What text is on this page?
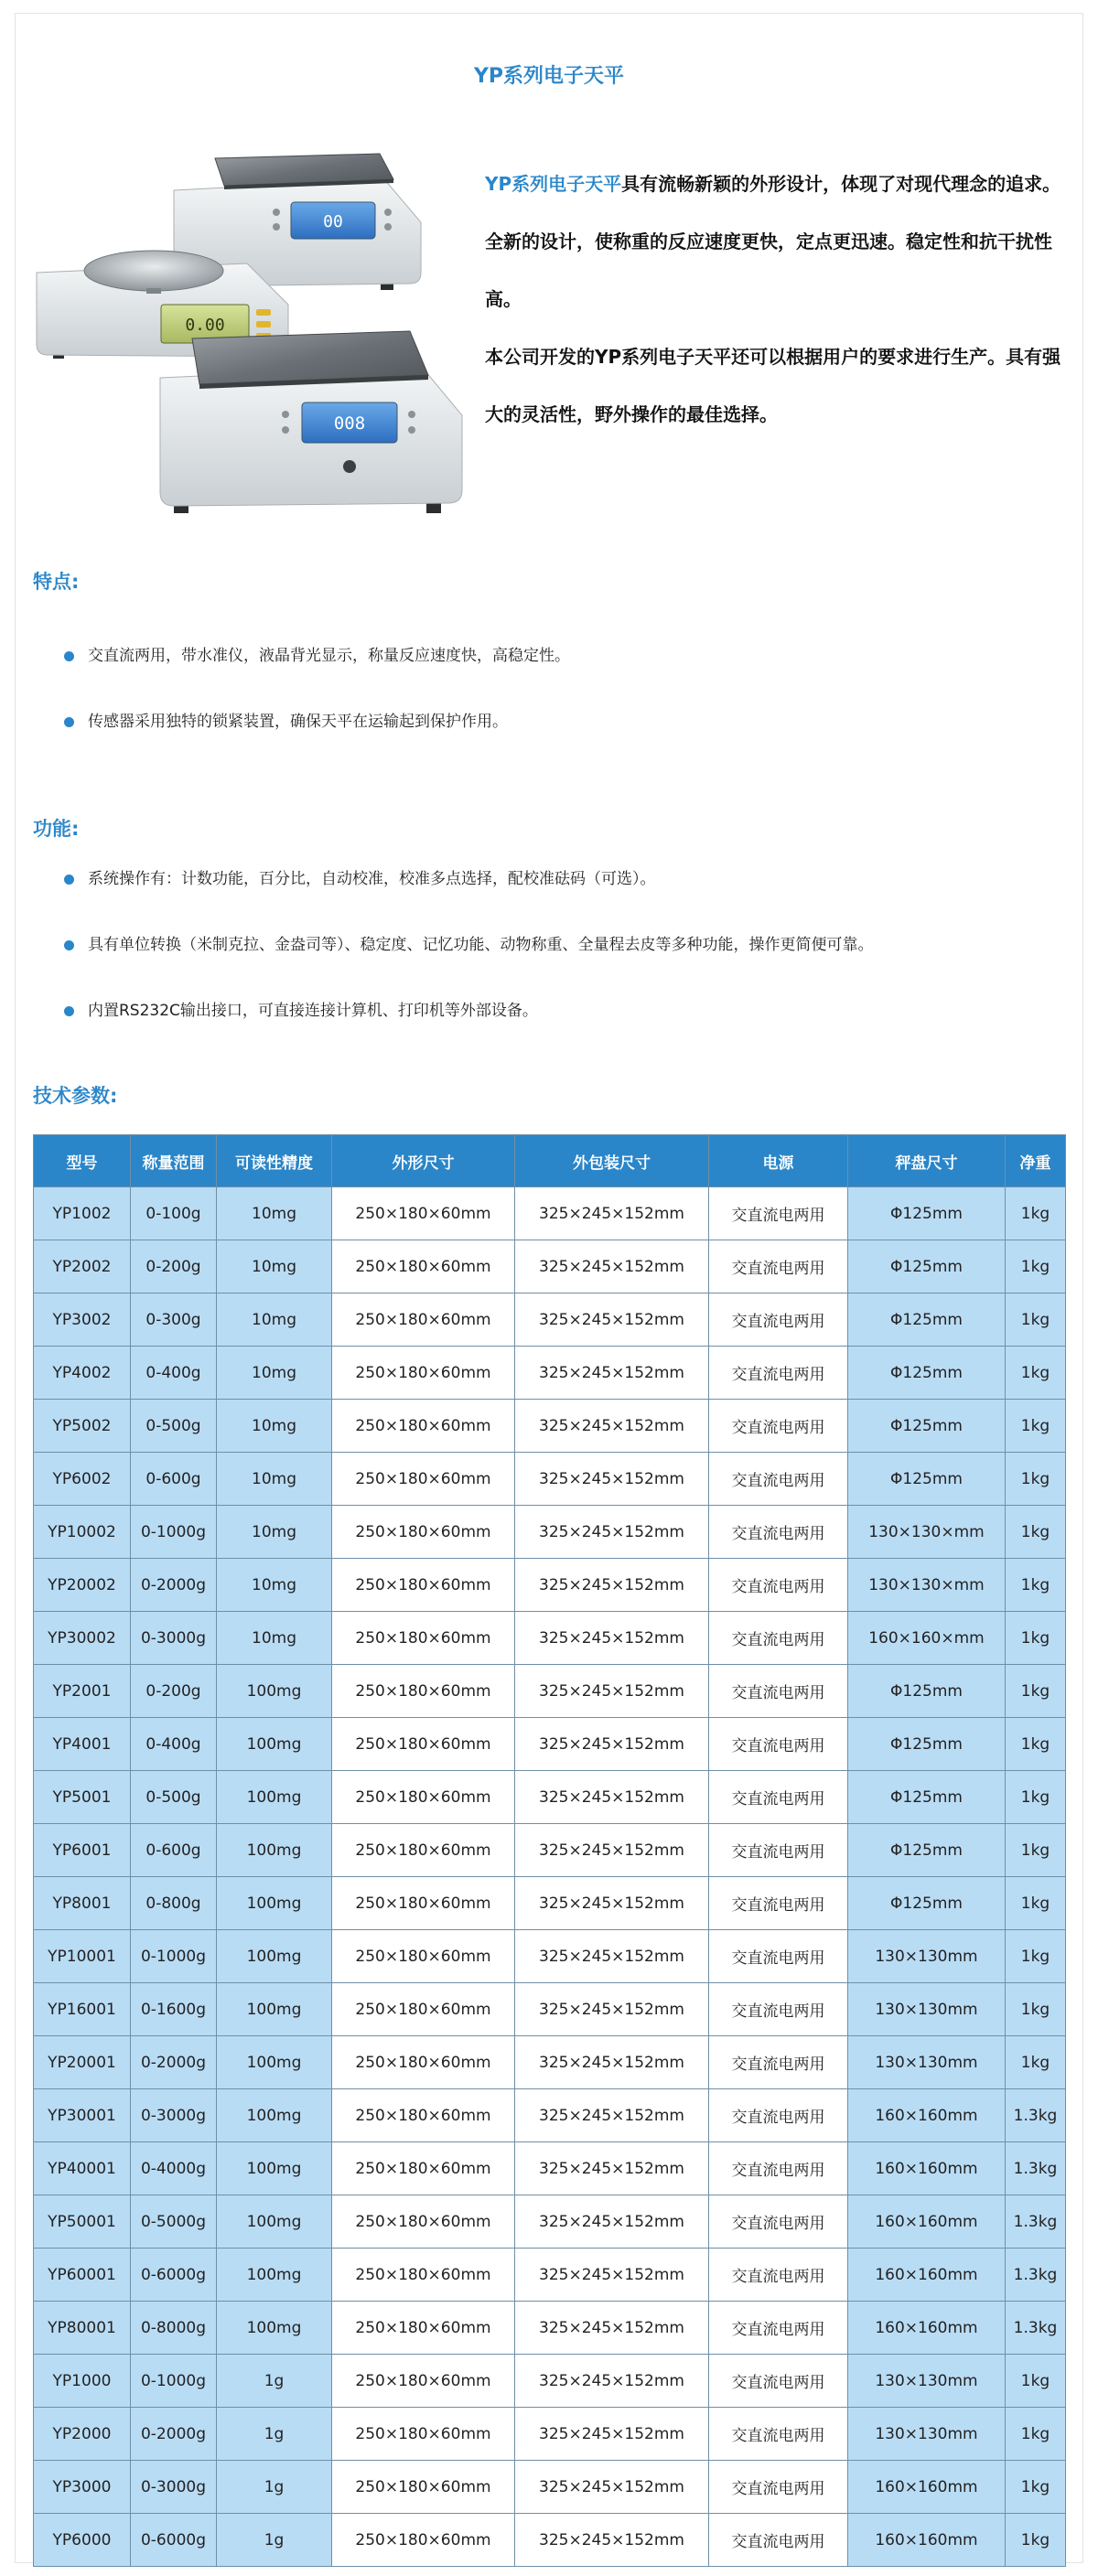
YP系列电子天平
00
0.00
008

YP系列电子天平具有流畅新颖的外形设计，体现了对现代理念的追求。全新的设计，使称重的反应速度更快，定点更迅速。稳定性和抗干扰性高。

本公司开发的YP系列电子天平还可以根据用户的要求进行生产。具有强大的灵活性，野外操作的最佳选择。

特点:
交直流两用，带水准仪，液晶背光显示，称量反应速度快，高稳定性。
传感器采用独特的锁紧装置，确保天平在运输起到保护作用。
功能:
系统操作有：计数功能，百分比，自动校准，校准多点选择，配校准砝码（可选）。
具有单位转换（米制克拉、金盎司等）、稳定度、记忆功能、动物称重、全量程去皮等多种功能，操作更简便可靠。
内置RS232C输出接口，可直接连接计算机、打印机等外部设备。
技术参数:
型号	称量范围	可读性精度	外形尺寸	外包装尺寸	电源	秤盘尺寸	净重
YP1002	0-100g	10mg	250×180×60mm	325×245×152mm	交直流电两用	Φ125mm	1kg
YP2002	0-200g	10mg	250×180×60mm	325×245×152mm	交直流电两用	Φ125mm	1kg
YP3002	0-300g	10mg	250×180×60mm	325×245×152mm	交直流电两用	Φ125mm	1kg
YP4002	0-400g	10mg	250×180×60mm	325×245×152mm	交直流电两用	Φ125mm	1kg
YP5002	0-500g	10mg	250×180×60mm	325×245×152mm	交直流电两用	Φ125mm	1kg
YP6002	0-600g	10mg	250×180×60mm	325×245×152mm	交直流电两用	Φ125mm	1kg
YP10002	0-1000g	10mg	250×180×60mm	325×245×152mm	交直流电两用	130×130×mm	1kg
YP20002	0-2000g	10mg	250×180×60mm	325×245×152mm	交直流电两用	130×130×mm	1kg
YP30002	0-3000g	10mg	250×180×60mm	325×245×152mm	交直流电两用	160×160×mm	1kg
YP2001	0-200g	100mg	250×180×60mm	325×245×152mm	交直流电两用	Φ125mm	1kg
YP4001	0-400g	100mg	250×180×60mm	325×245×152mm	交直流电两用	Φ125mm	1kg
YP5001	0-500g	100mg	250×180×60mm	325×245×152mm	交直流电两用	Φ125mm	1kg
YP6001	0-600g	100mg	250×180×60mm	325×245×152mm	交直流电两用	Φ125mm	1kg
YP8001	0-800g	100mg	250×180×60mm	325×245×152mm	交直流电两用	Φ125mm	1kg
YP10001	0-1000g	100mg	250×180×60mm	325×245×152mm	交直流电两用	130×130mm	1kg
YP16001	0-1600g	100mg	250×180×60mm	325×245×152mm	交直流电两用	130×130mm	1kg
YP20001	0-2000g	100mg	250×180×60mm	325×245×152mm	交直流电两用	130×130mm	1kg
YP30001	0-3000g	100mg	250×180×60mm	325×245×152mm	交直流电两用	160×160mm	1.3kg
YP40001	0-4000g	100mg	250×180×60mm	325×245×152mm	交直流电两用	160×160mm	1.3kg
YP50001	0-5000g	100mg	250×180×60mm	325×245×152mm	交直流电两用	160×160mm	1.3kg
YP60001	0-6000g	100mg	250×180×60mm	325×245×152mm	交直流电两用	160×160mm	1.3kg
YP80001	0-8000g	100mg	250×180×60mm	325×245×152mm	交直流电两用	160×160mm	1.3kg
YP1000	0-1000g	1g	250×180×60mm	325×245×152mm	交直流电两用	130×130mm	1kg
YP2000	0-2000g	1g	250×180×60mm	325×245×152mm	交直流电两用	130×130mm	1kg
YP3000	0-3000g	1g	250×180×60mm	325×245×152mm	交直流电两用	160×160mm	1kg
YP6000	0-6000g	1g	250×180×60mm	325×245×152mm	交直流电两用	160×160mm	1kg
